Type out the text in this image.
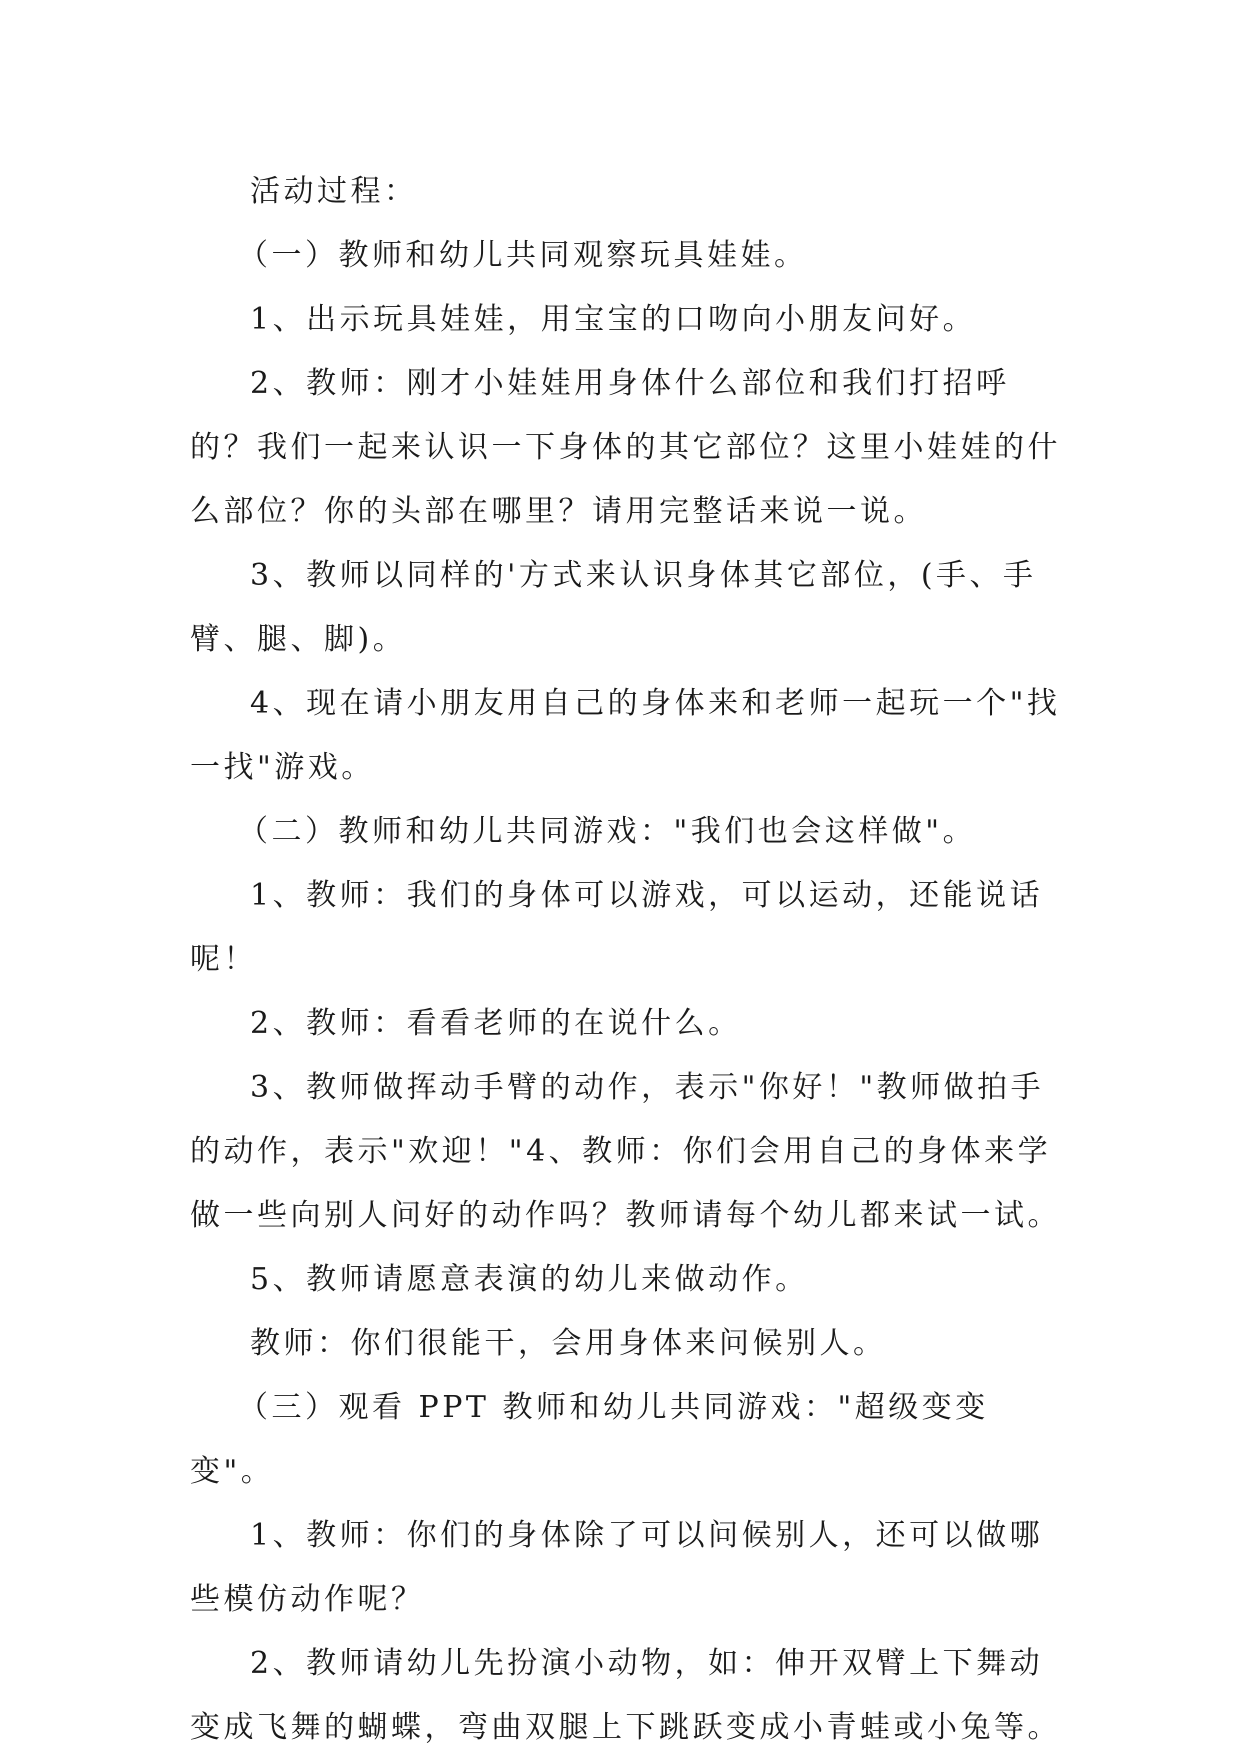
活动过程：

（一）教师和幼儿共同观察玩具娃娃。

1、出示玩具娃娃，用宝宝的口吻向小朋友问好。

2、教师：刚才小娃娃用身体什么部位和我们打招呼的？我们一起来认识一下身体的其它部位？这里小娃娃的什么部位？你的头部在哪里？请用完整话来说一说。

3、教师以同样的'方式来认识身体其它部位，(手、手臂、腿、脚)。

4、现在请小朋友用自己的身体来和老师一起玩一个"找一找"游戏。

（二）教师和幼儿共同游戏："我们也会这样做"。

1、教师：我们的身体可以游戏，可以运动，还能说话呢！

2、教师：看看老师的在说什么。

3、教师做挥动手臂的动作，表示"你好！"教师做拍手的动作，表示"欢迎！"4、教师：你们会用自己的身体来学做一些向别人问好的动作吗？教师请每个幼儿都来试一试。

5、教师请愿意表演的幼儿来做动作。

教师：你们很能干，会用身体来问候别人。

（三）观看 PPT 教师和幼儿共同游戏："超级变变变"。

1、教师：你们的身体除了可以问候别人，还可以做哪些模仿动作呢？

2、教师请幼儿先扮演小动物，如：伸开双臂上下舞动变成飞舞的蝴蝶，弯曲双腿上下跳跃变成小青蛙或小兔等。
